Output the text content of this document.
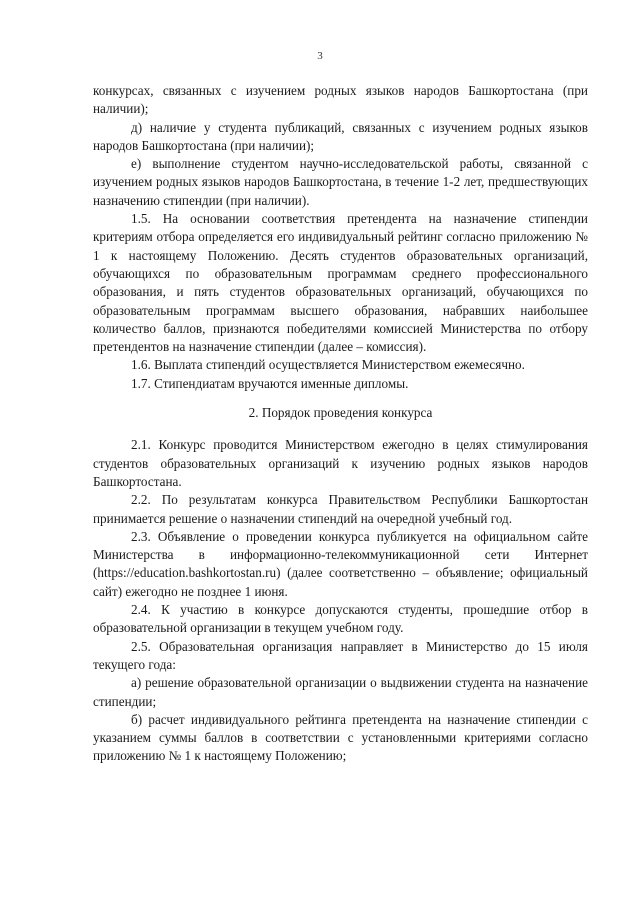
3

конкурсах, связанных с изучением родных языков народов Башкортостана (при наличии);

д) наличие у студента публикаций, связанных с изучением родных языков народов Башкортостана (при наличии);

е) выполнение студентом научно-исследовательской работы, связанной с изучением родных языков народов Башкортостана, в течение 1-2 лет, предшествующих назначению стипендии (при наличии).

1.5. На основании соответствия претендента на назначение стипендии критериям отбора определяется его индивидуальный рейтинг согласно приложению № 1 к настоящему Положению. Десять студентов образовательных организаций, обучающихся по образовательным программам среднего профессионального образования, и пять студентов образовательных организаций, обучающихся по образовательным программам высшего образования, набравших наибольшее количество баллов, признаются победителями комиссией Министерства по отбору претендентов на назначение стипендии (далее – комиссия).

1.6. Выплата стипендий осуществляется Министерством ежемесячно.

1.7. Стипендиатам вручаются именные дипломы.

2. Порядок проведения конкурса

2.1. Конкурс проводится Министерством ежегодно в целях стимулирования студентов образовательных организаций к изучению родных языков народов Башкортостана.

2.2. По результатам конкурса Правительством Республики Башкортостан принимается решение о назначении стипендий на очередной учебный год.

2.3. Объявление о проведении конкурса публикуется на официальном сайте Министерства в информационно-телекоммуникационной сети Интернет (https://education.bashkortostan.ru) (далее соответственно – объявление; официальный сайт) ежегодно не позднее 1 июня.

2.4. К участию в конкурсе допускаются студенты, прошедшие отбор в образовательной организации в текущем учебном году.

2.5. Образовательная организация направляет в Министерство до 15 июля текущего года:

а) решение образовательной организации о выдвижении студента на назначение стипендии;

б) расчет индивидуального рейтинга претендента на назначение стипендии с указанием суммы баллов в соответствии с установленными критериями согласно приложению № 1 к настоящему Положению;
